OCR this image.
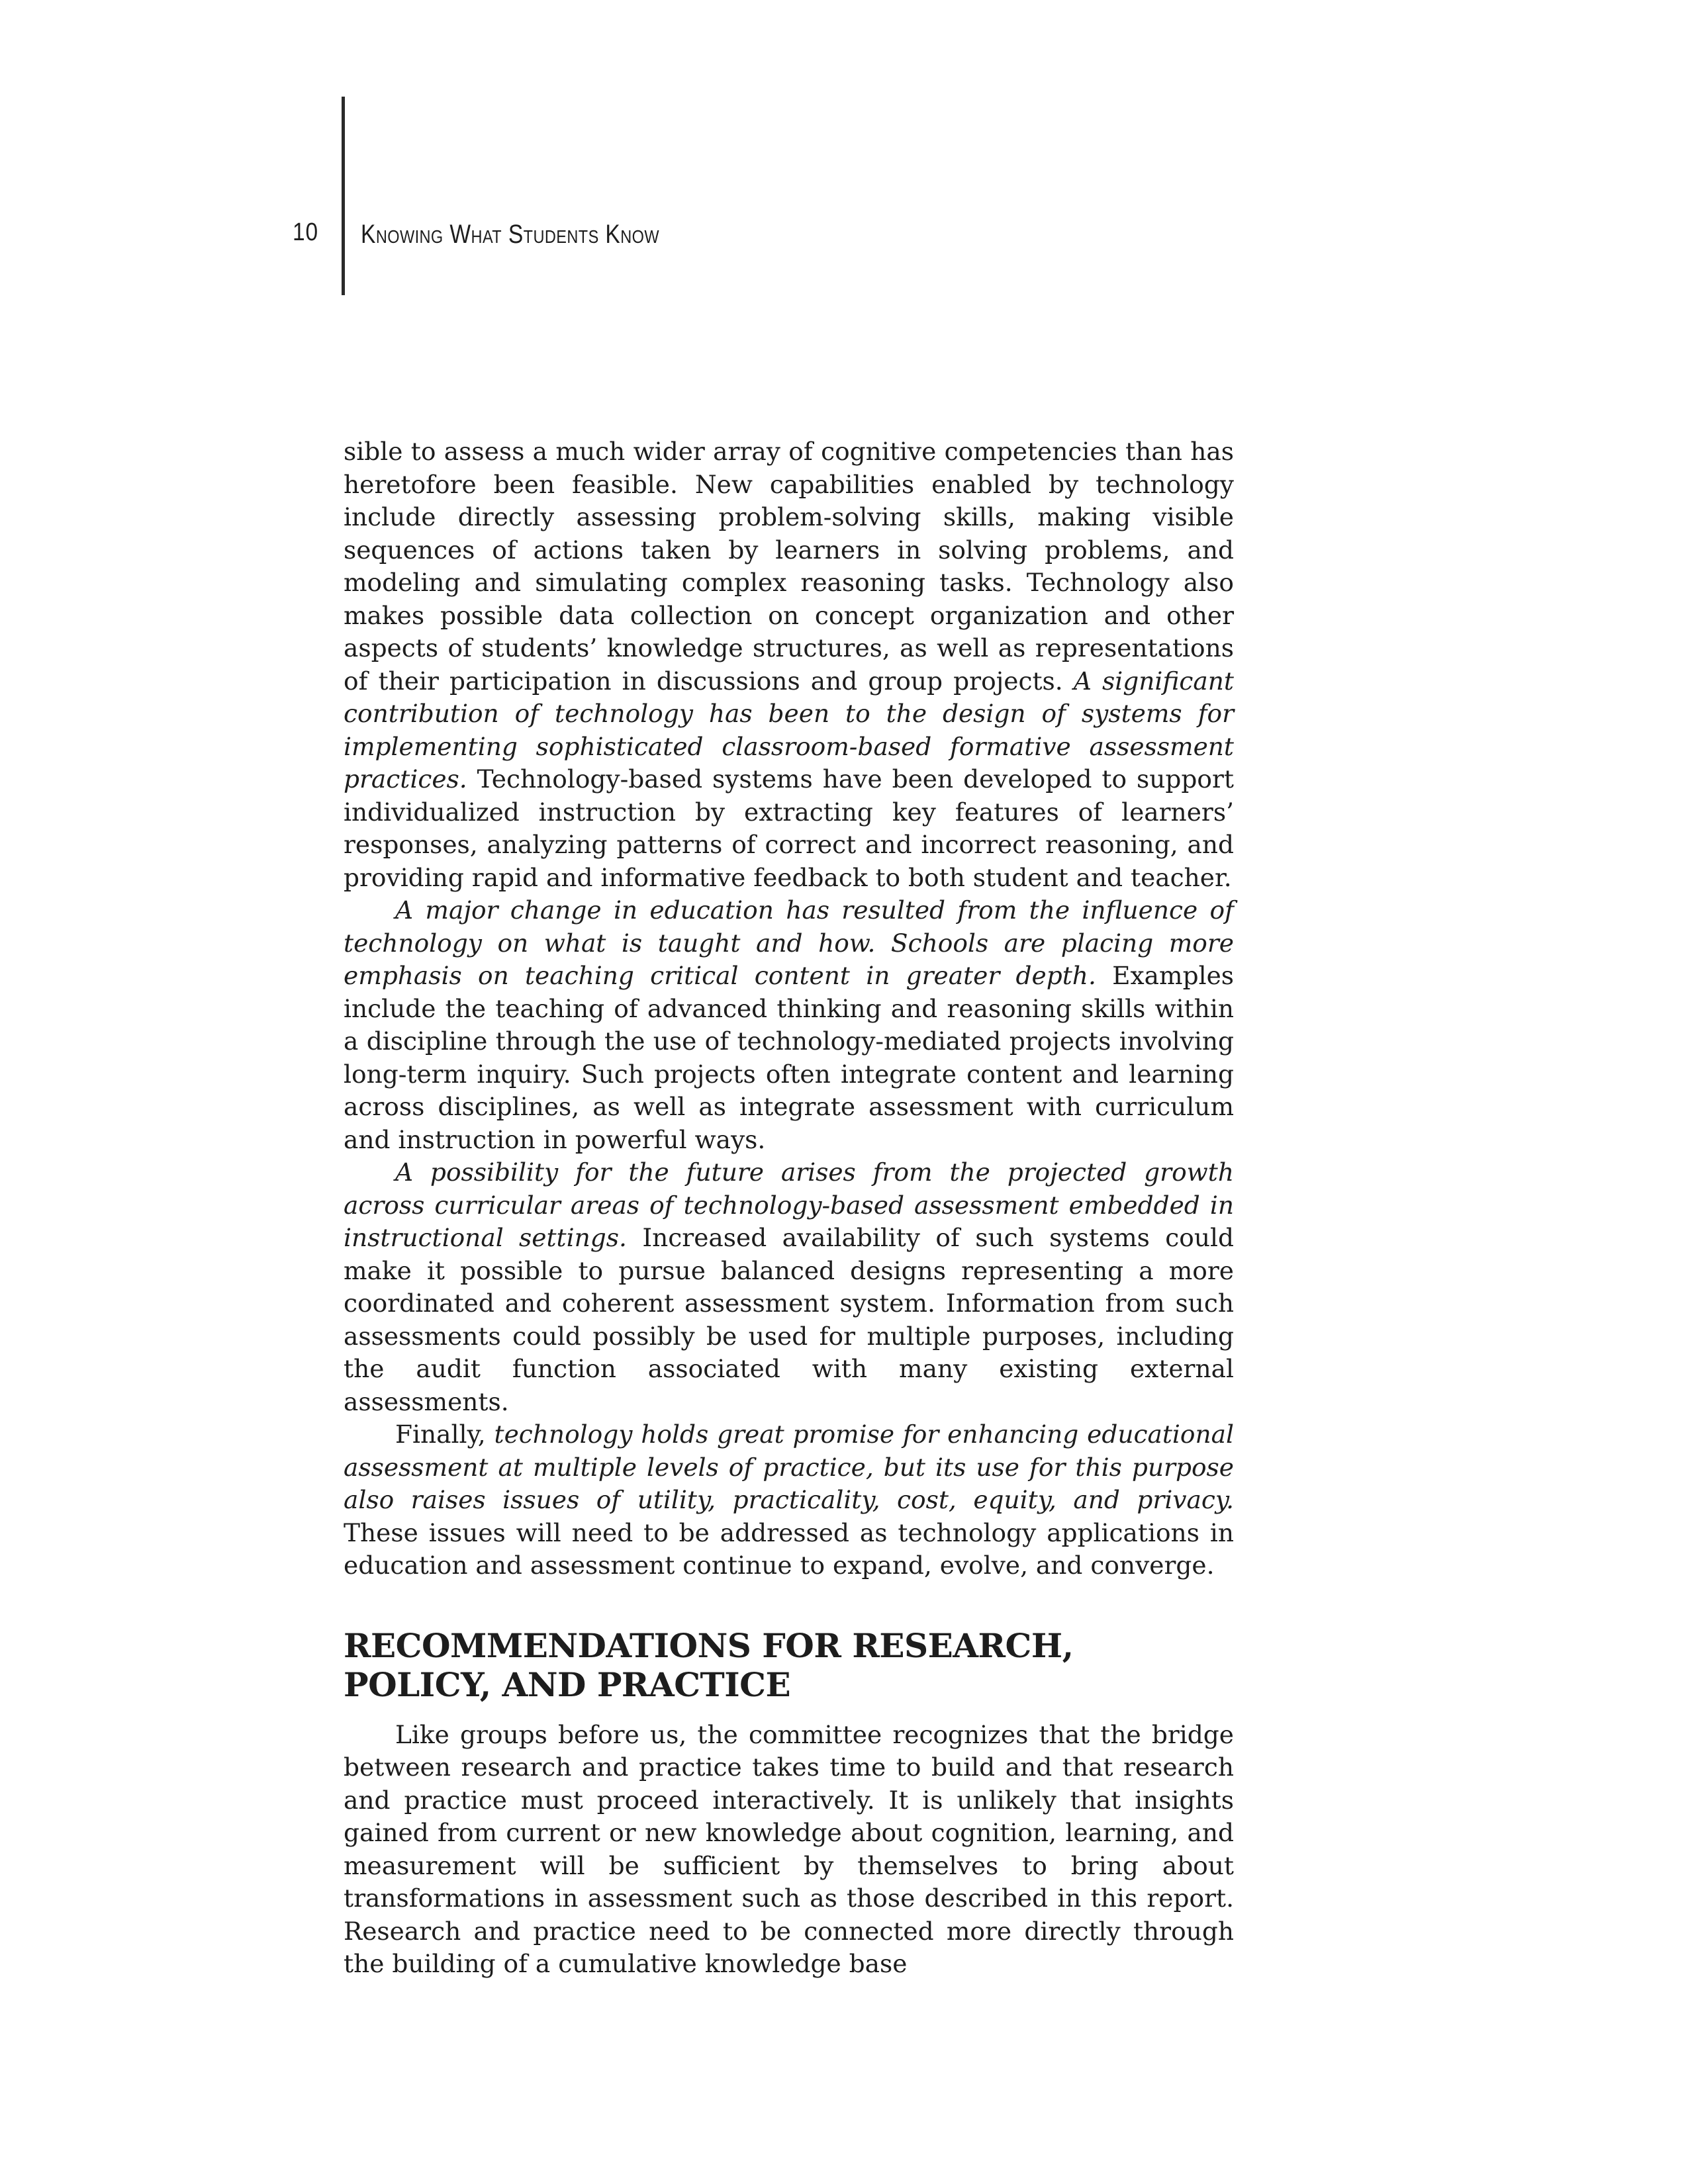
10 Knowing What Students Know

sible to assess a much wider array of cognitive competencies than has heretofore been feasible. New capabilities enabled by technology include directly assessing problem-solving skills, making visible sequences of actions taken by learners in solving problems, and modeling and simulating complex reasoning tasks. Technology also makes possible data collection on concept organization and other aspects of students’ knowledge structures, as well as representations of their participation in discussions and group projects. A significant contribution of technology has been to the design of systems for implementing sophisticated classroom-based formative assessment practices. Technology-based systems have been developed to support individualized instruction by extracting key features of learners’ responses, analyzing patterns of correct and incorrect reasoning, and providing rapid and informative feedback to both student and teacher.

A major change in education has resulted from the influence of technology on what is taught and how. Schools are placing more emphasis on teaching critical content in greater depth. Examples include the teaching of advanced thinking and reasoning skills within a discipline through the use of technology-mediated projects involving long-term inquiry. Such projects often integrate content and learning across disciplines, as well as integrate assessment with curriculum and instruction in powerful ways.

A possibility for the future arises from the projected growth across curricular areas of technology-based assessment embedded in instructional settings. Increased availability of such systems could make it possible to pursue balanced designs representing a more coordinated and coherent assessment system. Information from such assessments could possibly be used for multiple purposes, including the audit function associated with many existing external assessments.

Finally, technology holds great promise for enhancing educational assessment at multiple levels of practice, but its use for this purpose also raises issues of utility, practicality, cost, equity, and privacy. These issues will need to be addressed as technology applications in education and assessment continue to expand, evolve, and converge.

RECOMMENDATIONS FOR RESEARCH,
POLICY, AND PRACTICE

Like groups before us, the committee recognizes that the bridge between research and practice takes time to build and that research and practice must proceed interactively. It is unlikely that insights gained from current or new knowledge about cognition, learning, and measurement will be sufficient by themselves to bring about transformations in assessment such as those described in this report. Research and practice need to be connected more directly through the building of a cumulative knowledge base
